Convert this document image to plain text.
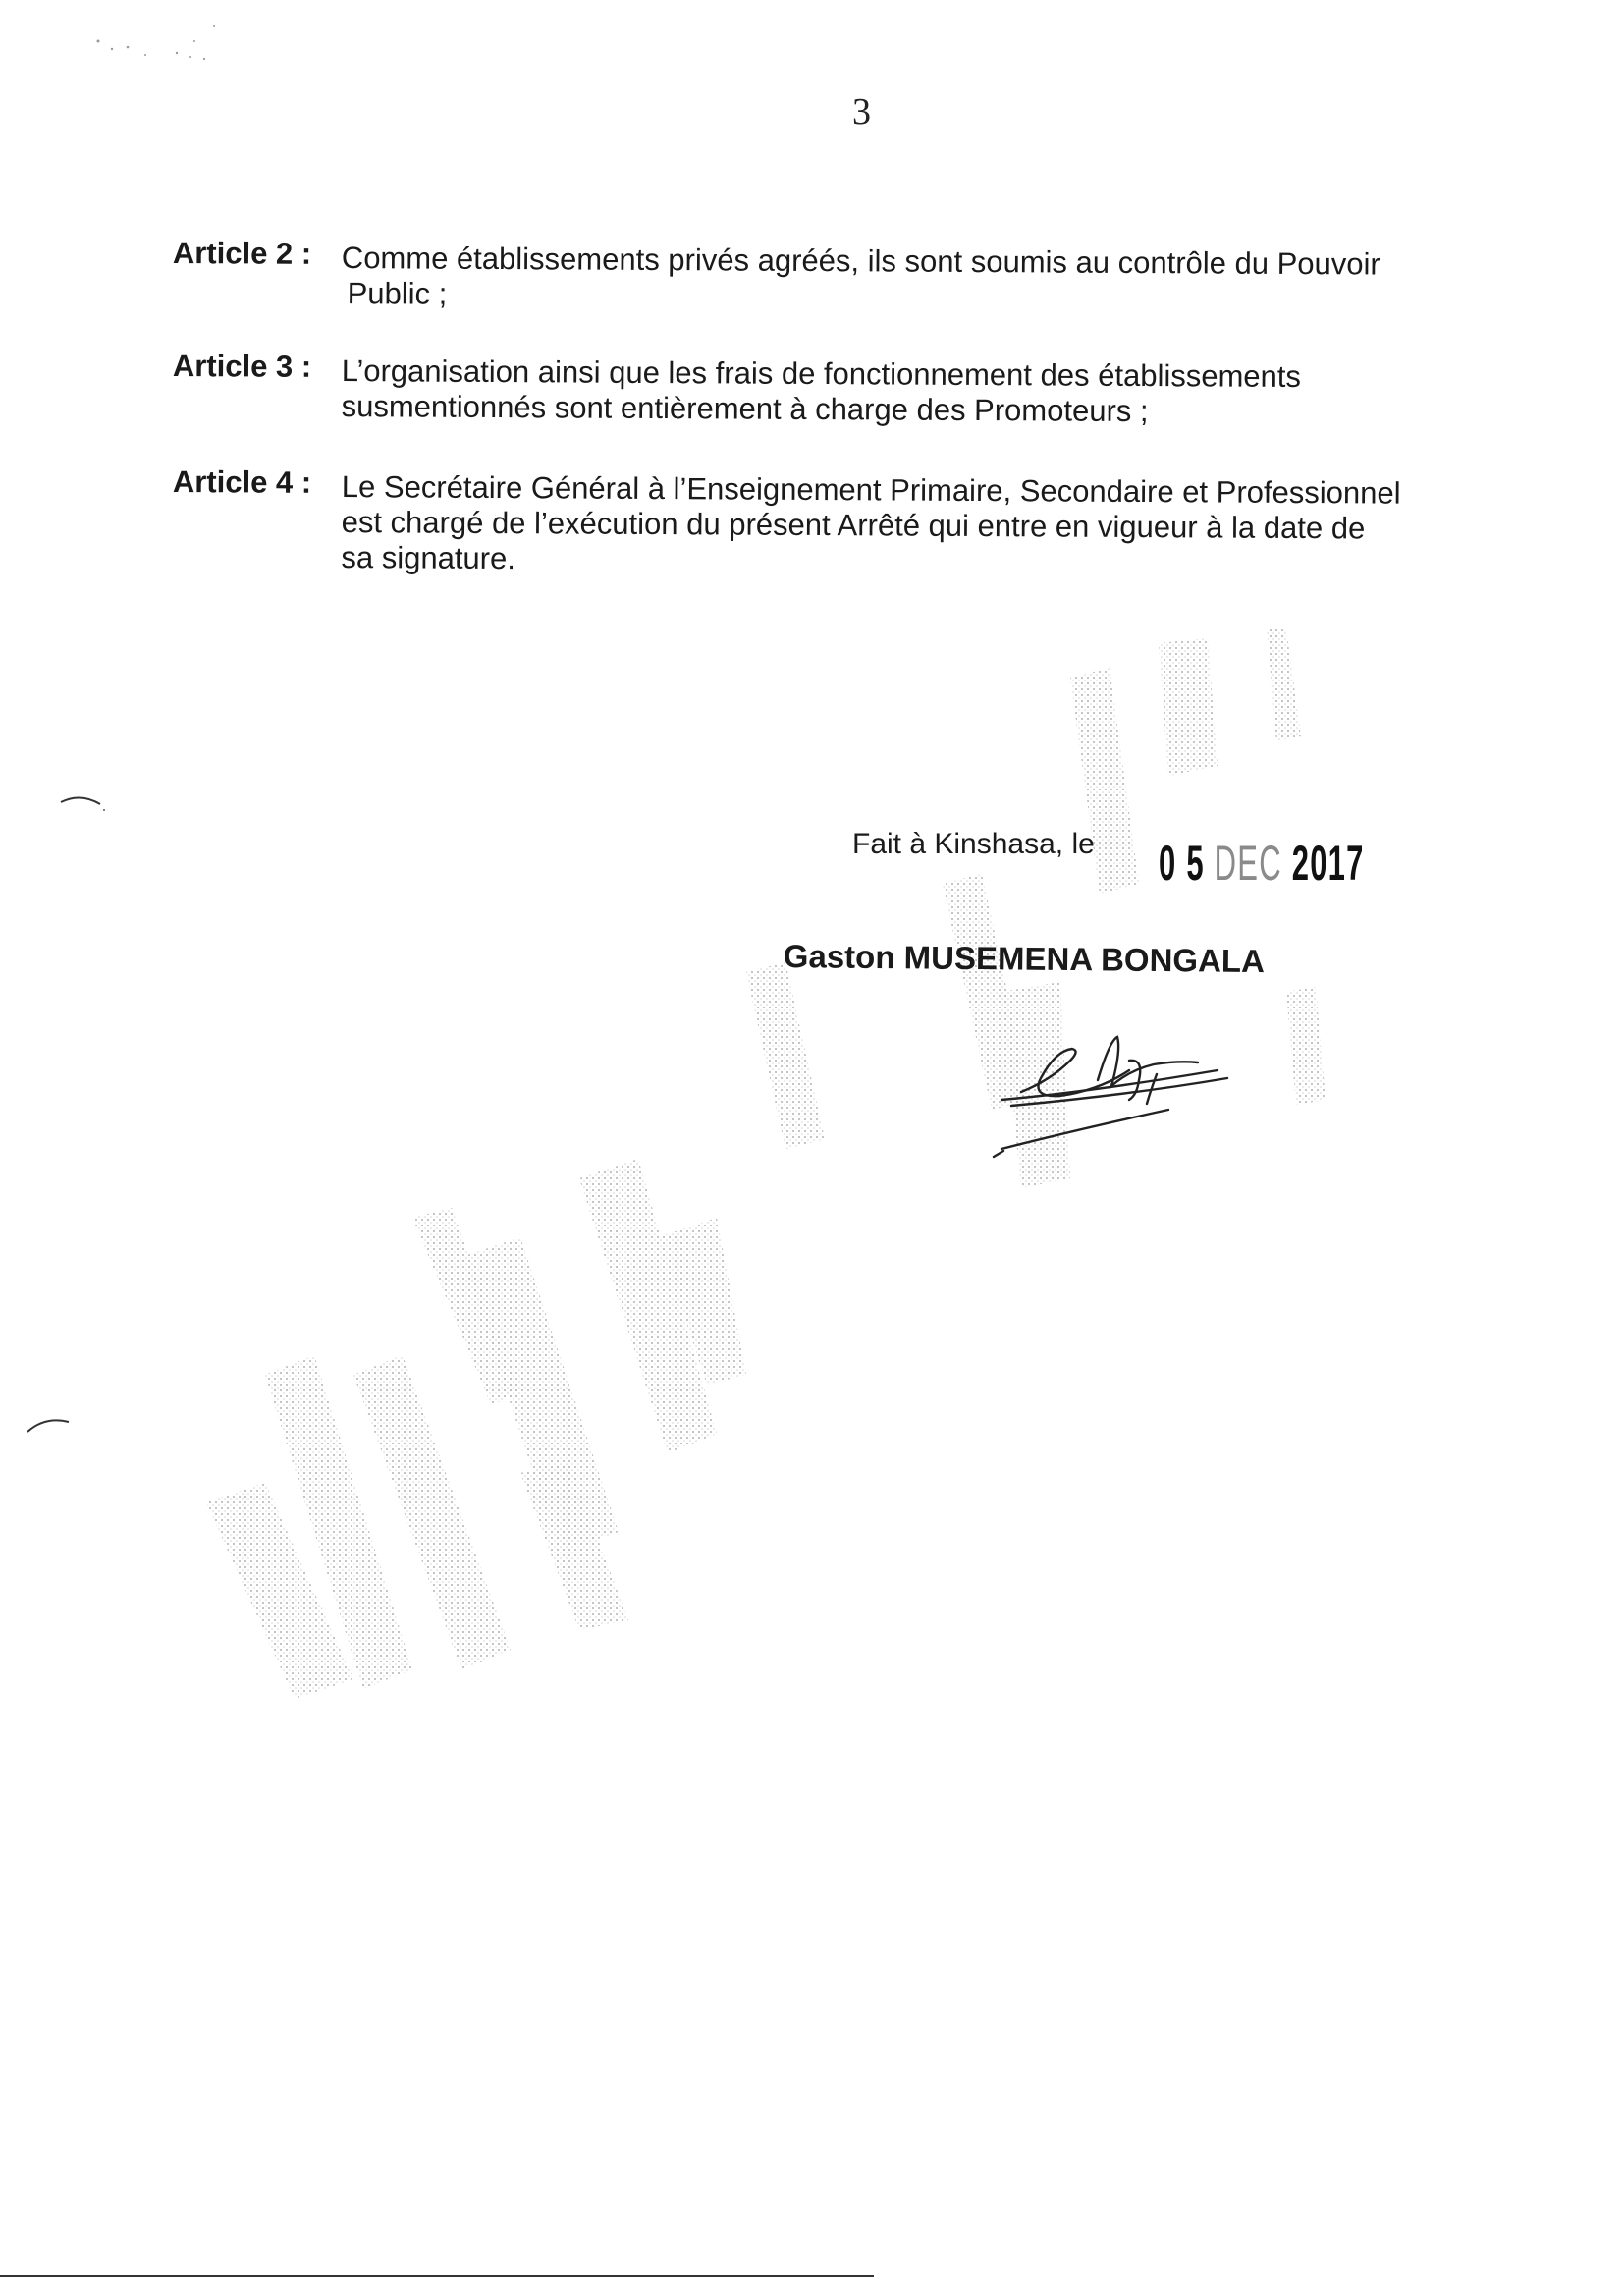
3
Article 2 : Comme établissements privés agréés, ils sont soumis au contrôle du Pouvoir
Public ;
Article 3 : L’organisation ainsi que les frais de fonctionnement des établissements
susmentionnés sont entièrement à charge des Promoteurs ;
Article 4 : Le Secrétaire Général à l’Enseignement Primaire, Secondaire et Professionnel
est chargé de l’exécution du présent Arrêté qui entre en vigueur à la date de
sa signature.
Fait à Kinshasa, le 0 5 DEC 2017
Gaston MUSEMENA BONGALA
